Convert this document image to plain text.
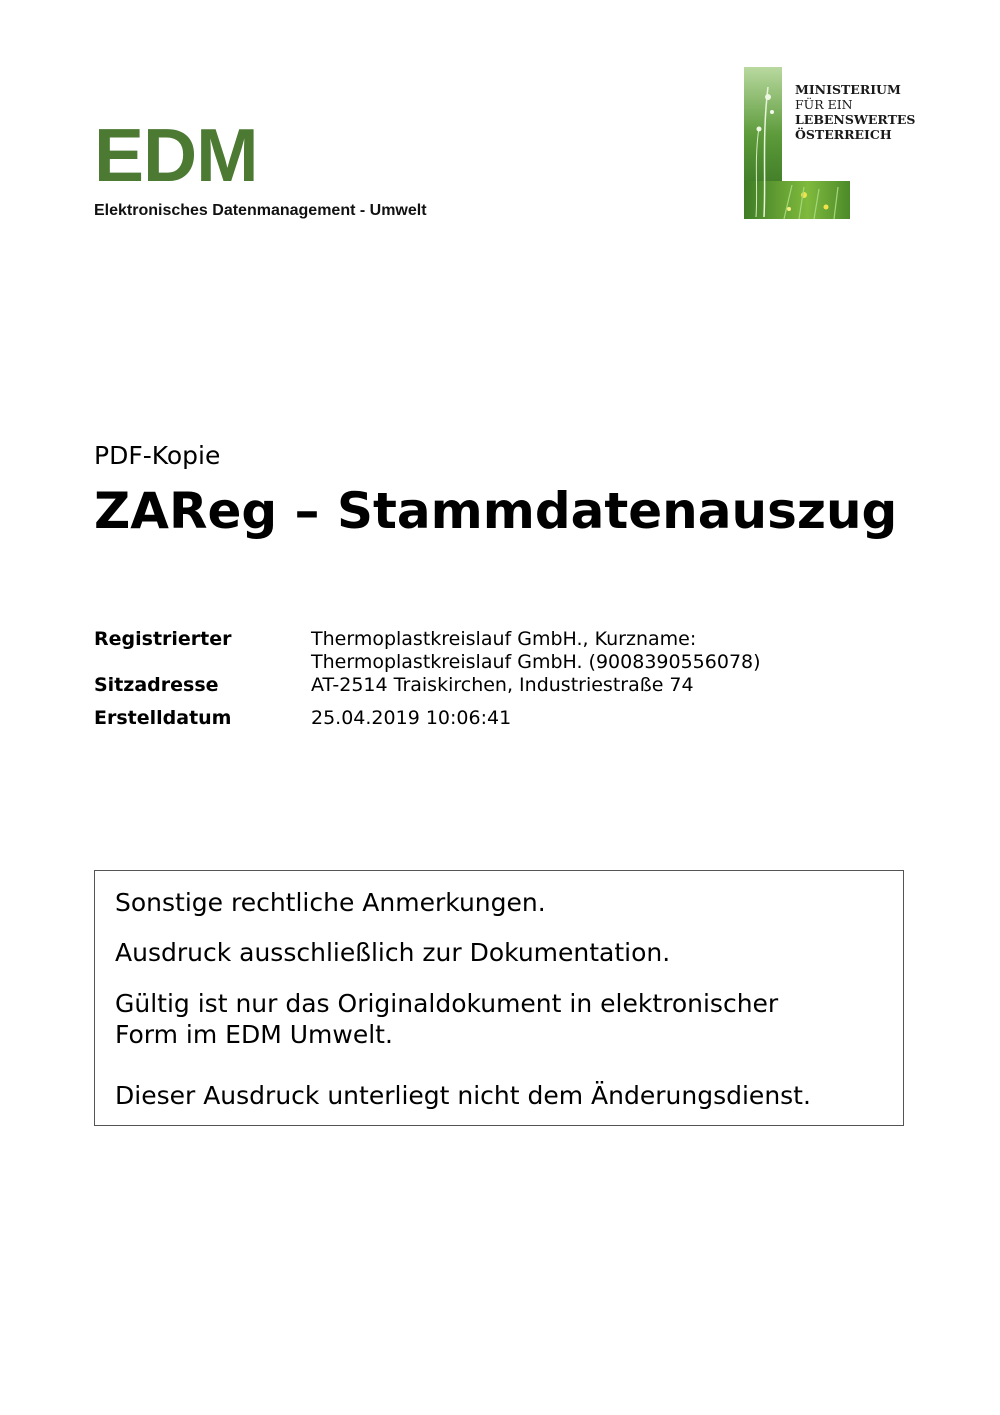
EDM
Elektronisches Datenmanagement - Umwelt
MINISTERIUM
FÜR EIN
LEBENSWERTES
ÖSTERREICH
PDF-Kopie
ZAReg – Stammdatenauszug
Registrierter	Thermoplastkreislauf GmbH., Kurzname:
Thermoplastkreislauf GmbH. (9008390556078)
Sitzadresse	AT-2514 Traiskirchen, Industriestraße 74
Erstelldatum	25.04.2019 10:06:41
Sonstige rechtliche Anmerkungen.
Ausdruck ausschließlich zur Dokumentation.
Gültig ist nur das Originaldokument in elektronischer
Form im EDM Umwelt.
Dieser Ausdruck unterliegt nicht dem Änderungsdienst.
